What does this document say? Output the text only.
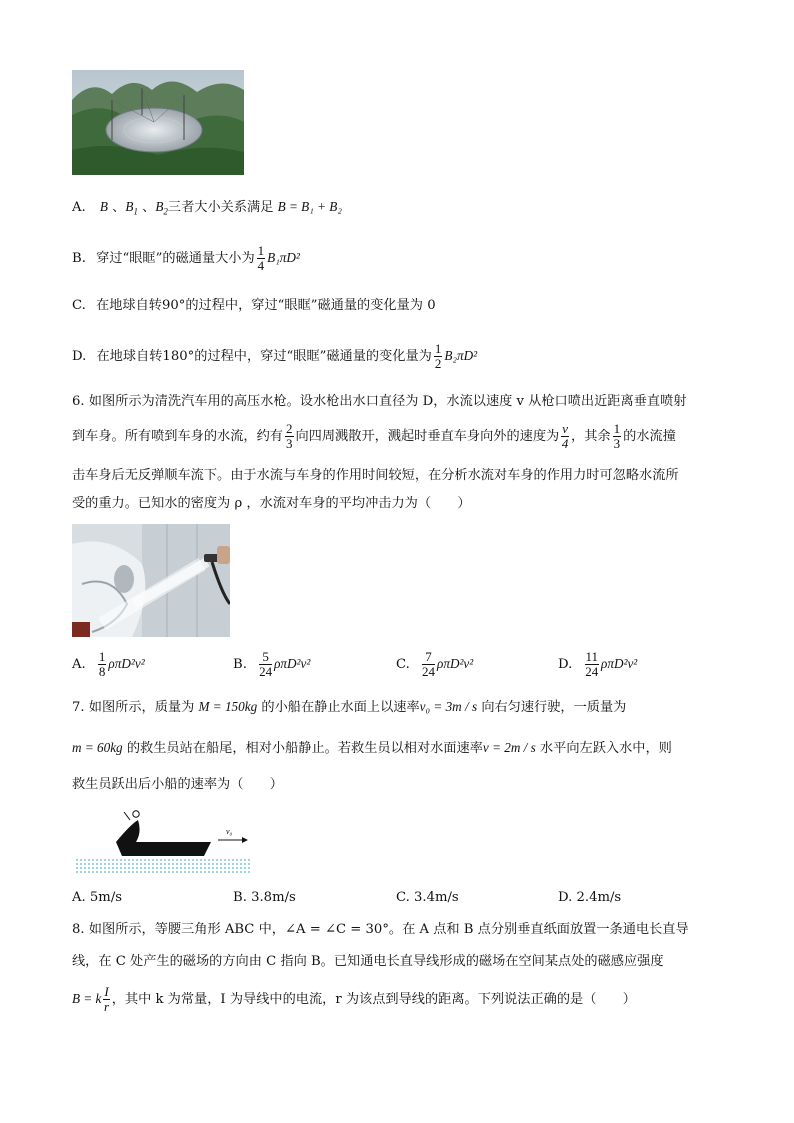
A. B 、$B_1$ 、$B_2$三者大小关系满足 B = B₁ + B₂
B. 穿过“眼眶”的磁通量大小为 $\frac{1}{4} B_1\pi D^2$
C. 在地球自转90°的过程中，穿过“眼眶”磁通量的变化量为 0
D. 在地球自转180°的过程中，穿过“眼眶”磁通量的变化量为 $\frac{1}{2} B_2\pi D^2$
6. 如图所示为清洗汽车用的高压水枪。设水枪出水口直径为 D，水流以速度 v 从枪口喷出近距离垂直喷射
到车身。所有喷到车身的水流，约有 $\frac{2}{3}$ 向四周溅散开，溅起时垂直车身向外的速度为 $\frac{v}{4}$ ，其余 $\frac{1}{3}$ 的水流撞
击车身后无反弹顺车流下。由于水流与车身的作用时间较短，在分析水流对车身的作用力时可忽略水流所
受的重力。已知水的密度为 ρ ，水流对车身的平均冲击力为（　　）
A. $\frac{1}{8} \rho\pi D^2v^2$	B. $\frac{5}{24} \rho\pi D^2v^2$	C. $\frac{7}{24} \rho\pi D^2v^2$	D. $\frac{11}{24} \rho\pi D^2v^2$
7. 如图所示，质量为 M = 150kg 的小船在静止水面上以速率v₀ = 3m / s 向右匀速行驶，一质量为
m = 60kg 的救生员站在船尾，相对小船静止。若救生员以相对水面速率v = 2m / s 水平向左跃入水中，则
救生员跃出后小船的速率为（　　）
v₀
A. 5m/s	B. 3.8m/s	C. 3.4m/s	D. 2.4m/s
8. 如图所示，等腰三角形 ABC 中，∠A = ∠C = 30°。在 A 点和 B 点分别垂直纸面放置一条通电长直导
线，在 C 处产生的磁场的方向由 C 指向 B。已知通电长直导线形成的磁场在空间某点处的磁感应强度
B = k $\frac{I}{r}$ ，其中 k 为常量，I 为导线中的电流，r 为该点到导线的距离。下列说法正确的是（　　）
